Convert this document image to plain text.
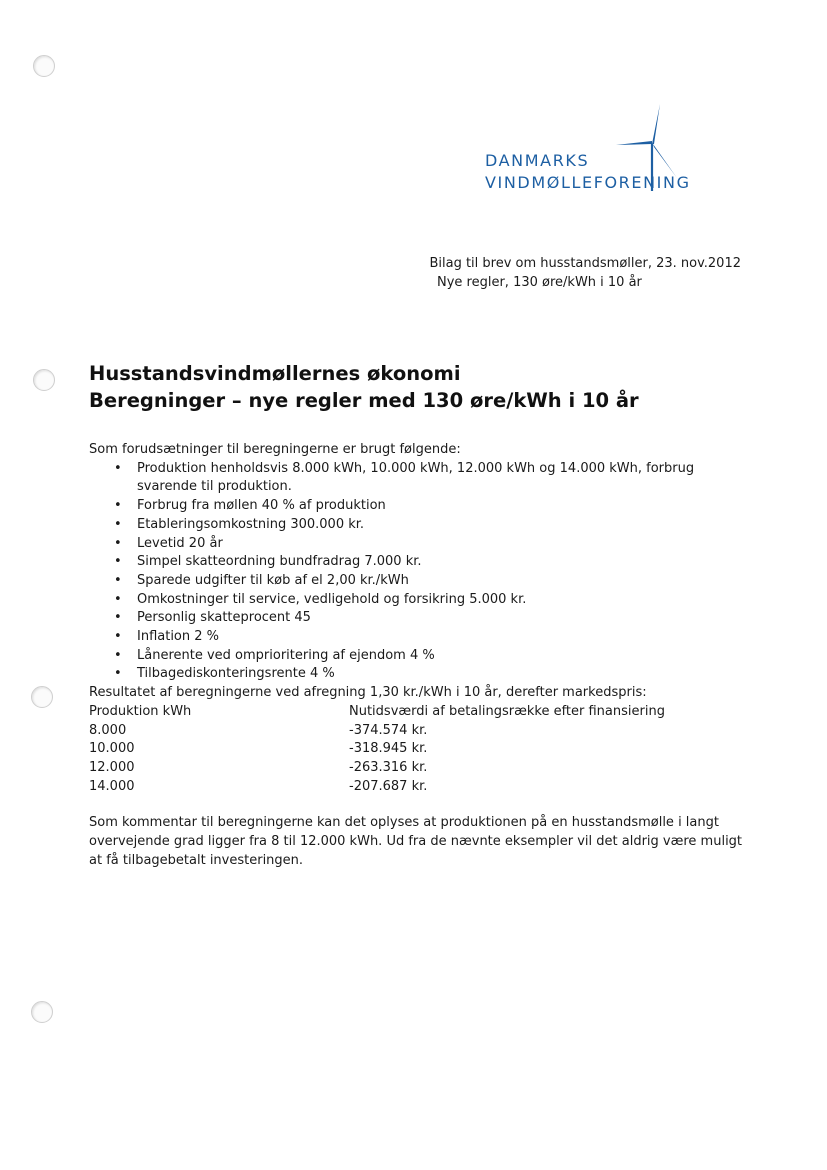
DANMARKS
VINDMØLLEFORENING
Bilag til brev om husstandsmøller, 23. nov.2012
Nye regler, 130 øre/kWh i 10 år
Husstandsvindmøllernes økonomi
Beregninger – nye regler med 130 øre/kWh i 10 år

Som forudsætninger til beregningerne er brugt følgende:

• Produktion henholdsvis 8.000 kWh, 10.000 kWh, 12.000 kWh og 14.000 kWh, forbrug svarende til produktion.
• Forbrug fra møllen 40 % af produktion
• Etableringsomkostning 300.000 kr.
• Levetid 20 år
• Simpel skatteordning bundfradrag 7.000 kr.
• Sparede udgifter til køb af el 2,00 kr./kWh
• Omkostninger til service, vedligehold og forsikring 5.000 kr.
• Personlig skatteprocent 45
• Inflation 2 %
• Lånerente ved omprioritering af ejendom 4 %
• Tilbagediskonteringsrente 4 %

Resultatet af beregningerne ved afregning 1,30 kr./kWh i 10 år, derefter markedspris:

Produktion kWh	Nutidsværdi af betalingsrække efter finansiering
8.000	-374.574 kr.
10.000	-318.945 kr.
12.000	-263.316 kr.
14.000	-207.687 kr.

Som kommentar til beregningerne kan det oplyses at produktionen på en husstandsmølle i langt overvejende grad ligger fra 8 til 12.000 kWh. Ud fra de nævnte eksempler vil det aldrig være muligt at få tilbagebetalt investeringen.
